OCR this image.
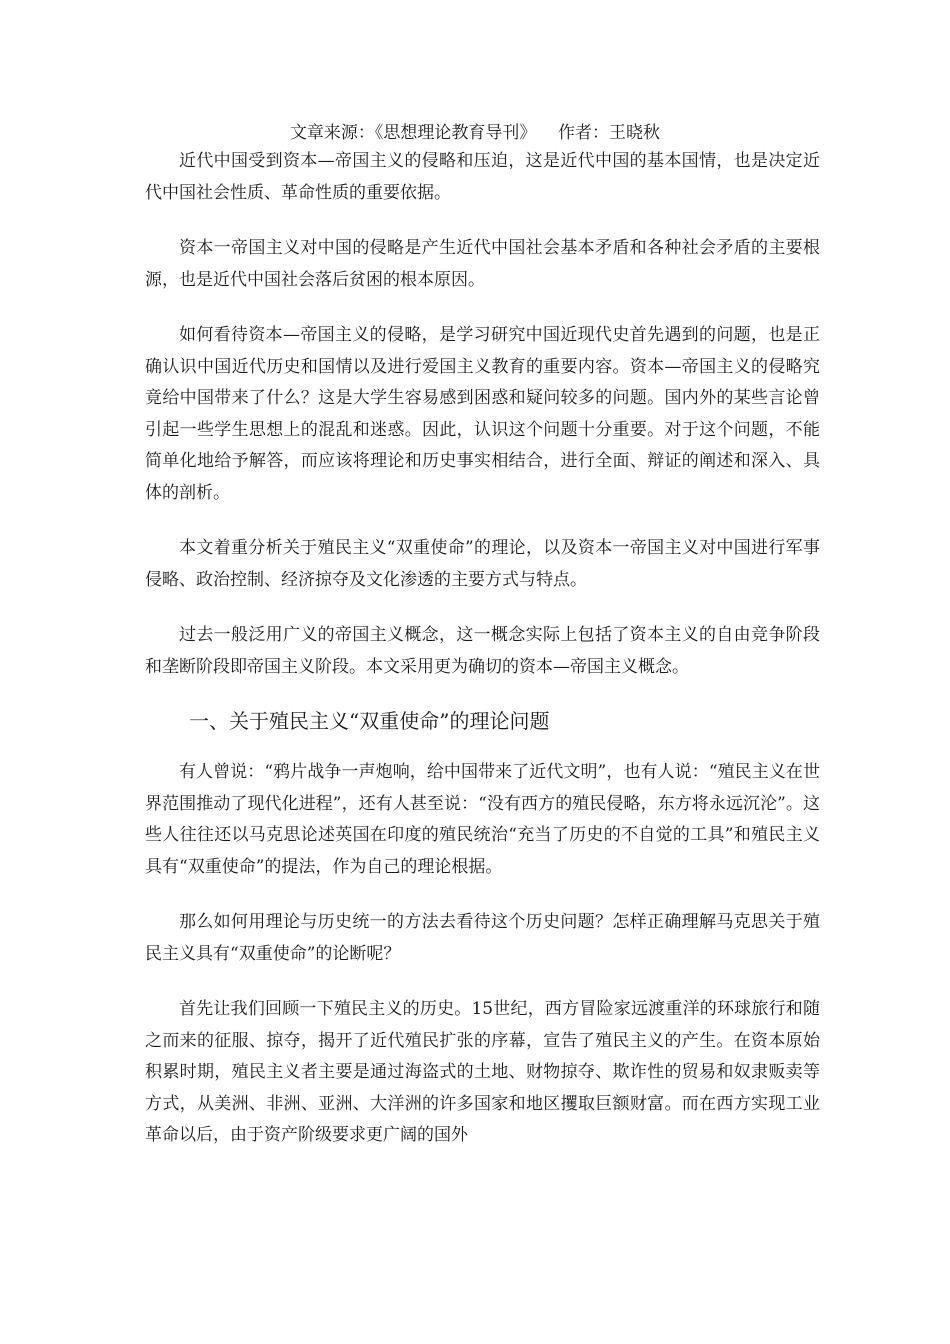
文章来源：《思想理论教育导刊》    作者：王晓秋

近代中国受到资本—帝国主义的侵略和压迫，这是近代中国的基本国情，也是决定近代中国社会性质、革命性质的重要依据。

资本一帝国主义对中国的侵略是产生近代中国社会基本矛盾和各种社会矛盾的主要根源，也是近代中国社会落后贫困的根本原因。

如何看待资本—帝国主义的侵略，是学习研究中国近现代史首先遇到的问题，也是正确认识中国近代历史和国情以及进行爱国主义教育的重要内容。资本—帝国主义的侵略究竟给中国带来了什么？这是大学生容易感到困惑和疑问较多的问题。国内外的某些言论曾引起一些学生思想上的混乱和迷惑。因此，认识这个问题十分重要。对于这个问题，不能简单化地给予解答，而应该将理论和历史事实相结合，进行全面、辩证的阐述和深入、具体的剖析。

本文着重分析关于殖民主义“双重使命”的理论，以及资本一帝国主义对中国进行军事侵略、政治控制、经济掠夺及文化渗透的主要方式与特点。

过去一般泛用广义的帝国主义概念，这一概念实际上包括了资本主义的自由竞争阶段和垄断阶段即帝国主义阶段。本文采用更为确切的资本—帝国主义概念。

一、关于殖民主义“双重使命”的理论问题

有人曾说：“鸦片战争一声炮响，给中国带来了近代文明”，也有人说：“殖民主义在世界范围推动了现代化进程”，还有人甚至说：“没有西方的殖民侵略，东方将永远沉沦”。这些人往往还以马克思论述英国在印度的殖民统治“充当了历史的不自觉的工具”和殖民主义具有“双重使命”的提法，作为自己的理论根据。

那么如何用理论与历史统一的方法去看待这个历史问题？怎样正确理解马克思关于殖民主义具有“双重使命”的论断呢？

首先让我们回顾一下殖民主义的历史。15世纪，西方冒险家远渡重洋的环球旅行和随之而来的征服、掠夺，揭开了近代殖民扩张的序幕，宣告了殖民主义的产生。在资本原始积累时期，殖民主义者主要是通过海盗式的土地、财物掠夺、欺诈性的贸易和奴隶贩卖等方式，从美洲、非洲、亚洲、大洋洲的许多国家和地区攫取巨额财富。而在西方实现工业革命以后，由于资产阶级要求更广阔的国外
